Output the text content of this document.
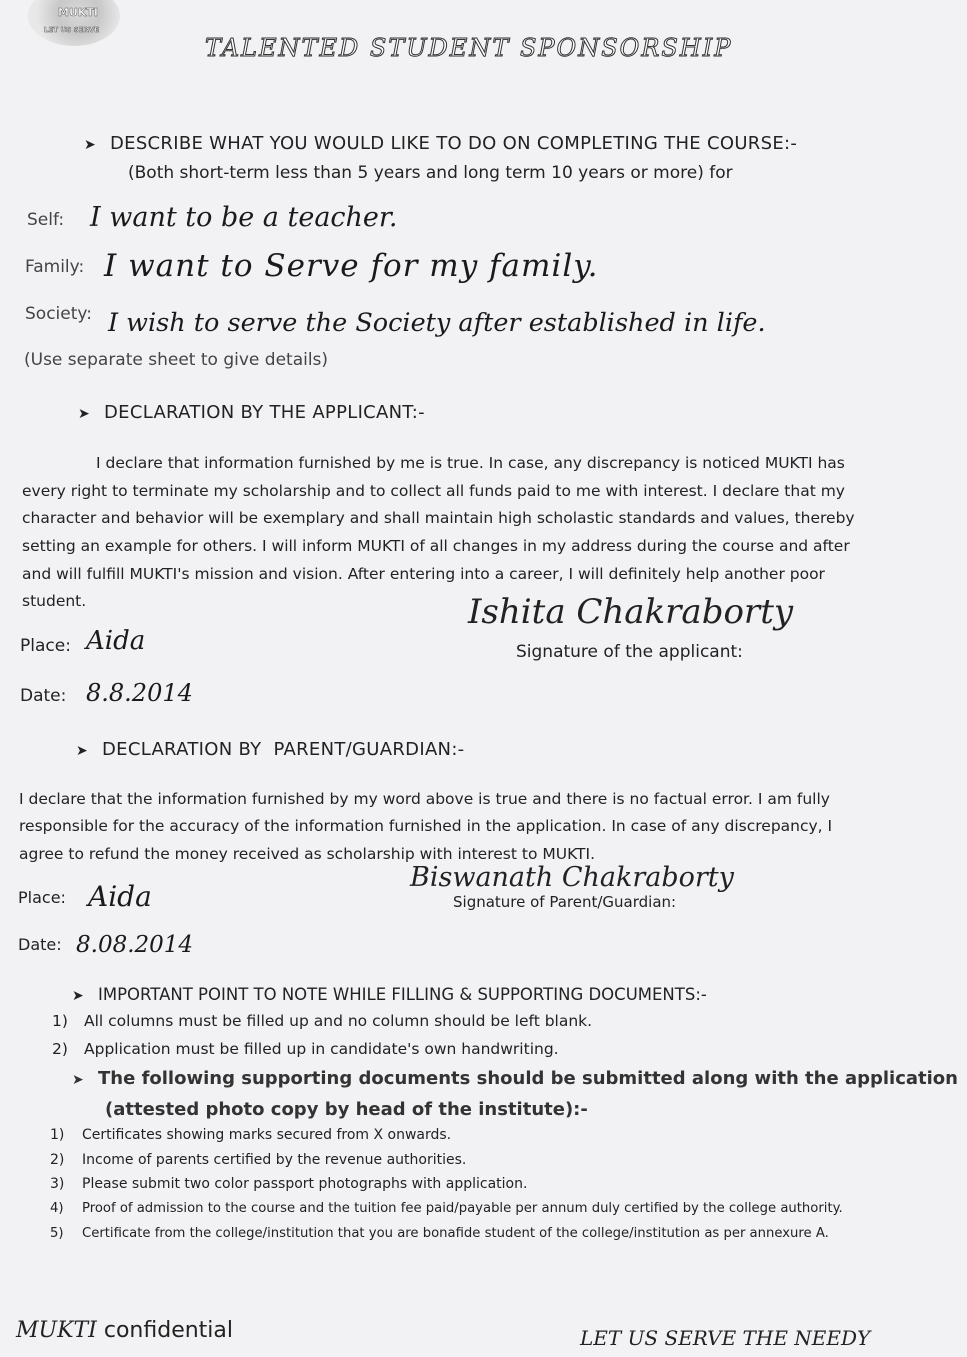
MUKTI
LET US SERVE
TALENTED STUDENT SPONSORSHIP
➤ DESCRIBE WHAT YOU WOULD LIKE TO DO ON COMPLETING THE COURSE:-
(Both short-term less than 5 years and long term 10 years or more) for
Self: I want to be a teacher.
Family: I want to Serve for my family.
Society: I wish to serve the Society after established in life.
(Use separate sheet to give details)
➤ DECLARATION BY THE APPLICANT:-
I declare that information furnished by me is true. In case, any discrepancy is noticed MUKTI has
every right to terminate my scholarship and to collect all funds paid to me with interest. I declare that my
character and behavior will be exemplary and shall maintain high scholastic standards and values, thereby
setting an example for others. I will inform MUKTI of all changes in my address during the course and after
and will fulfill MUKTI's mission and vision. After entering into a career, I will definitely help another poor
student.	Ishita Chakraborty
Signature of the applicant:
Place: Aida
Date: 8.8.2014
➤ DECLARATION BY  PARENT/GUARDIAN:-
I declare that the information furnished by my word above is true and there is no factual error. I am fully
responsible for the accuracy of the information furnished in the application. In case of any discrepancy, I
agree to refund the money received as scholarship with interest to MUKTI.
Biswanath Chakraborty
Signature of Parent/Guardian:
Place: Aida
Date: 8.08.2014
➤ IMPORTANT POINT TO NOTE WHILE FILLING & SUPPORTING DOCUMENTS:-
1) All columns must be filled up and no column should be left blank.
2) Application must be filled up in candidate's own handwriting.
➤ The following supporting documents should be submitted along with the application
(attested photo copy by head of the institute):-
1) Certificates showing marks secured from X onwards.
2) Income of parents certified by the revenue authorities.
3) Please submit two color passport photographs with application.
4) Proof of admission to the course and the tuition fee paid/payable per annum duly certified by the college authority.
5) Certificate from the college/institution that you are bonafide student of the college/institution as per annexure A.
MUKTI confidential	LET US SERVE THE NEEDY
